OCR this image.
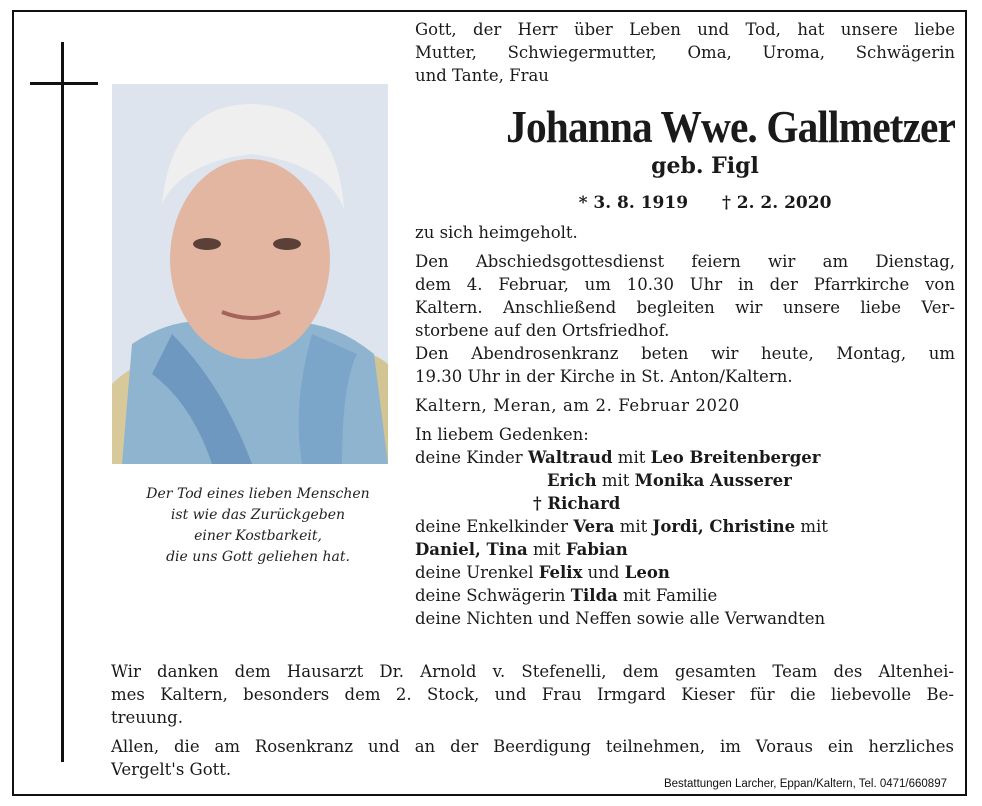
Der Tod eines lieben Menschen
ist wie das Zurückgeben
einer Kostbarkeit,
die uns Gott geliehen hat.
Gott, der Herr über Leben und Tod, hat unsere liebe
Mutter, Schwiegermutter, Oma, Uroma, Schwägerin
und Tante, Frau
Johanna Wwe. Gallmetzer
geb. Figl
* 3. 8. 1919 † 2. 2. 2020
zu sich heimgeholt.
Den Abschiedsgottesdienst feiern wir am Dienstag,
dem 4. Februar, um 10.30 Uhr in der Pfarrkirche von
Kaltern. Anschließend begleiten wir unsere liebe Ver-
storbene auf den Ortsfriedhof.
Den Abendrosenkranz beten wir heute, Montag, um
19.30 Uhr in der Kirche in St. Anton/Kaltern.
Kaltern, Meran, am 2. Februar 2020
In liebem Gedenken:
deine Kinder Waltraud mit Leo Breitenberger
Erich mit Monika Ausserer
† Richard
deine Enkelkinder Vera mit Jordi, Christine mit
Daniel, Tina mit Fabian
deine Urenkel Felix und Leon
deine Schwägerin Tilda mit Familie
deine Nichten und Neffen sowie alle Verwandten
Wir danken dem Hausarzt Dr. Arnold v. Stefenelli, dem gesamten Team des Altenhei-
mes Kaltern, besonders dem 2. Stock, und Frau Irmgard Kieser für die liebevolle Be-
treuung.
Allen, die am Rosenkranz und an der Beerdigung teilnehmen, im Voraus ein herzliches
Vergelt's Gott.
Bestattungen Larcher, Eppan/Kaltern, Tel. 0471/660897
